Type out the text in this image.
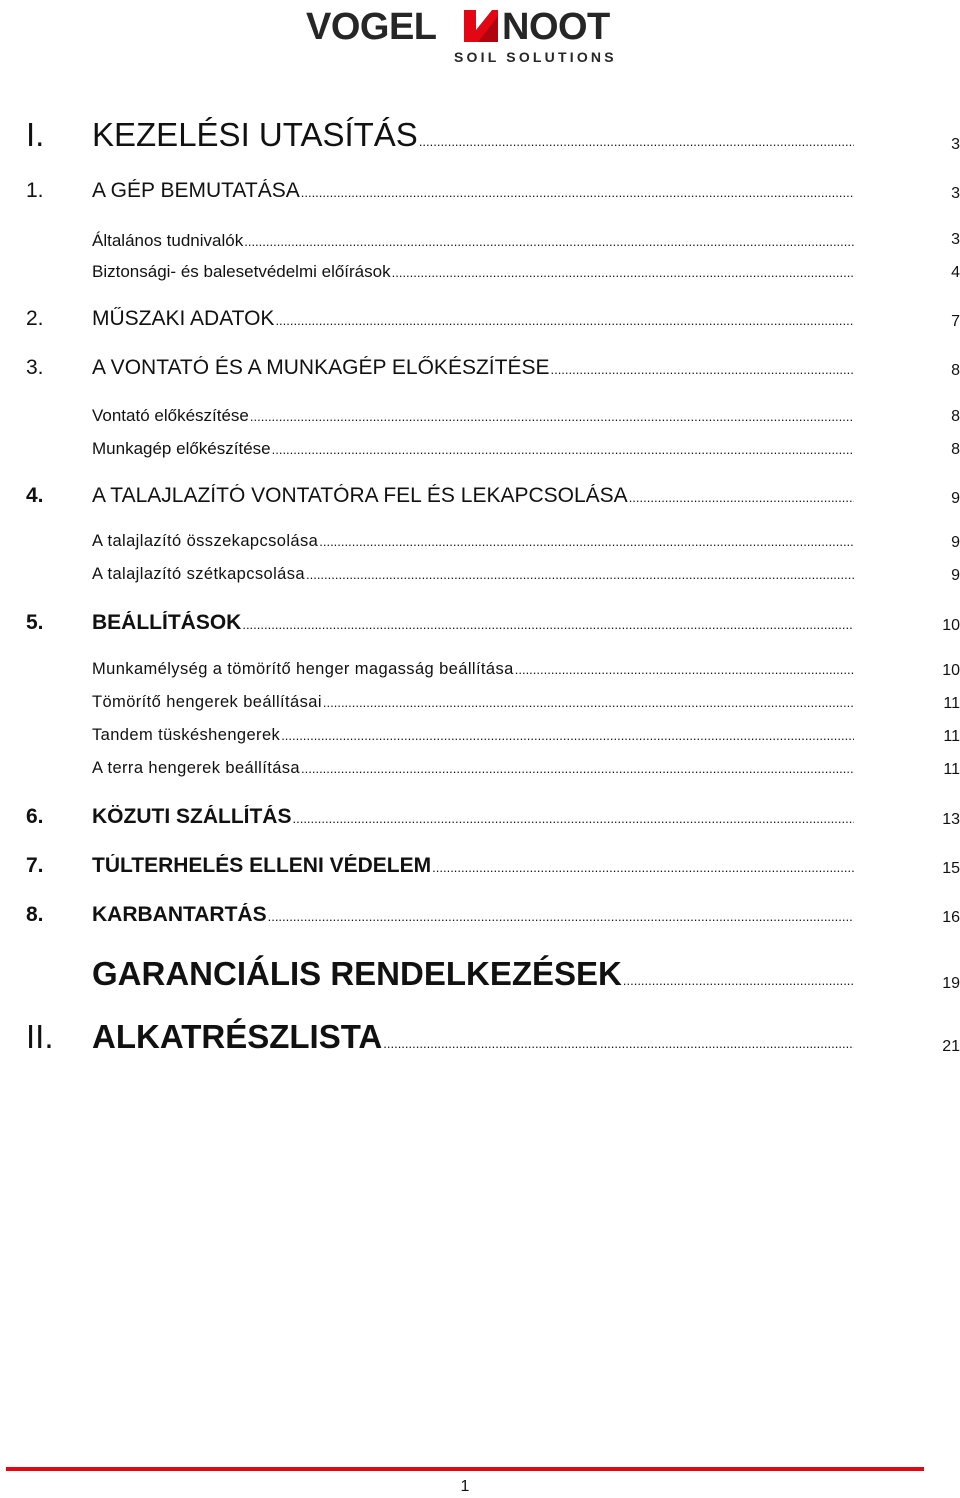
VOGEL NOOT
SOIL SOLUTIONS
I. KEZELÉSI UTASÍTÁS .....	3
1. A GÉP BEMUTATÁSA .....	3
Általános tudnivalók .....	3
Biztonsági- és balesetvédelmi előírások .....	4
2. MŰSZAKI ADATOK .....	7
3. A VONTATÓ ÉS A MUNKAGÉP ELŐKÉSZÍTÉSE .....	8
Vontató előkészítése .....	8
Munkagép előkészítése .....	8
4. A TALAJLAZÍTÓ VONTATÓRA FEL ÉS LEKAPCSOLÁSA .....	9
A talajlazító összekapcsolása .....	9
A talajlazító szétkapcsolása .....	9
5. BEÁLLÍTÁSOK .....	10
Munkamélység a tömörítő henger magasság beállítása .....	10
Tömörítő hengerek beállításai .....	11
Tandem tüskéshengerek .....	11
A terra hengerek beállítása .....	11
6. KÖZUTI SZÁLLÍTÁS .....	13
7. TÚLTERHELÉS ELLENI VÉDELEM .....	15
8. KARBANTARTÁS .....	16
GARANCIÁLIS RENDELKEZÉSEK .....	19
II. ALKATRÉSZLISTA .....	21
1
